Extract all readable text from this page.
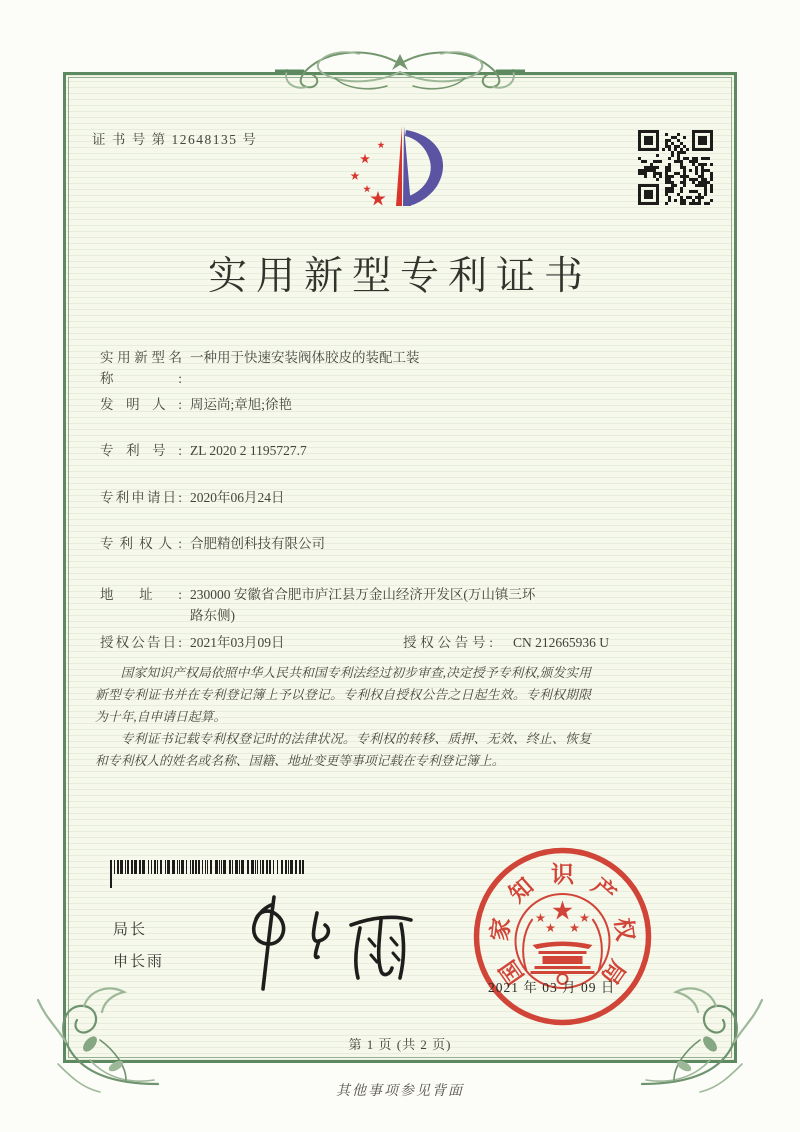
证 书 号 第 12648135 号
实用新型专利证书
实用新型名称:
一种用于快速安装阀体胶皮的装配工装
发明人: 周运尚;章旭;徐艳
专利号: ZL 2020 2 1195727.7
专利申请日: 2020年06月24日
专利权人: 合肥精创科技有限公司
地址: 230000 安徽省合肥市庐江县万金山经济开发区(万山镇三环路东侧)
授权公告日: 2021年03月09日	授权公告号: CN 212665936 U

国家知识产权局依照中华人民共和国专利法经过初步审查,决定授予专利权,颁发实用新型专利证书并在专利登记簿上予以登记。专利权自授权公告之日起生效。专利权期限为十年,自申请日起算。

专利证书记载专利权登记时的法律状况。专利权的转移、质押、无效、终止、恢复和专利权人的姓名或名称、国籍、地址变更等事项记载在专利登记簿上。

局长
申长雨	国
家
知 识 产
权
局
2021 年 03 月 09 日
第 1 页 (共 2 页)
其他事项参见背面
